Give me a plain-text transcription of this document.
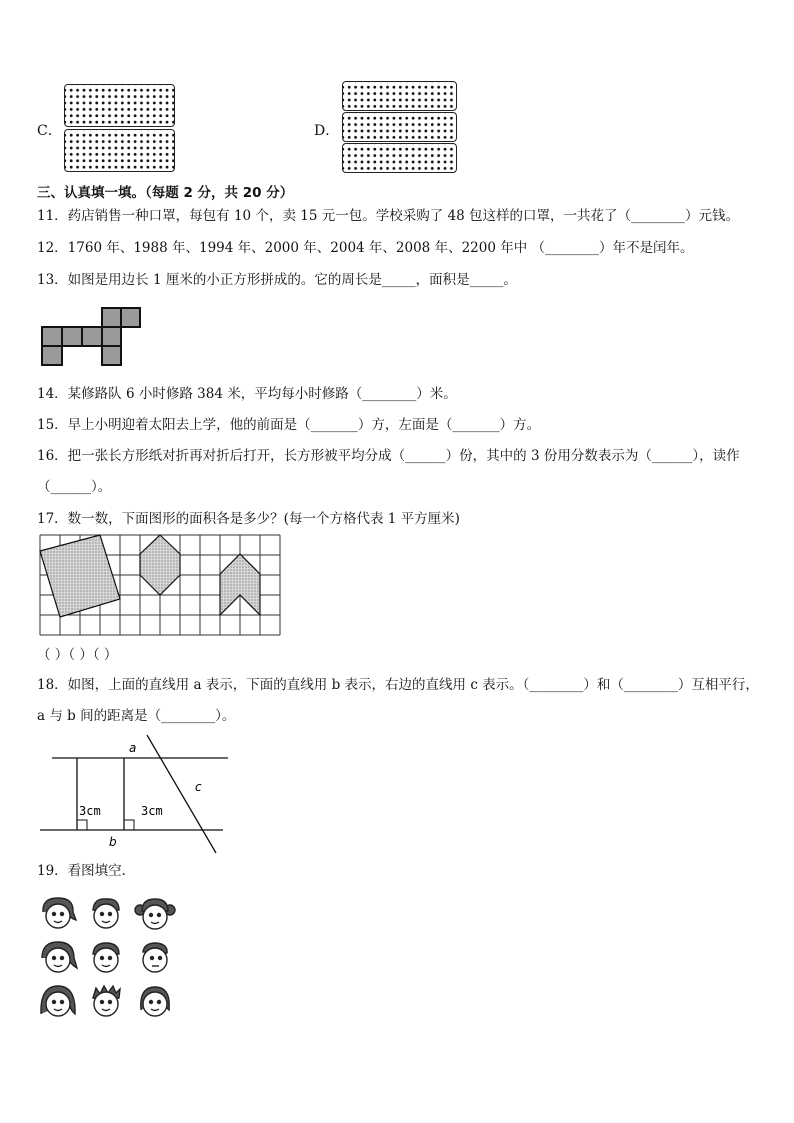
C．	D．
三、认真填一填。（每题 2 分，共 20 分）
11．药店销售一种口罩，每包有 10 个，卖 15 元一包。学校采购了 48 包这样的口罩，一共花了（________）元钱。
12．1760 年、1988 年、1994 年、2000 年、2004 年、2008 年、2200 年中 （________）年不是闰年。
13．如图是用边长 1 厘米的小正方形拼成的。它的周长是_____，面积是_____。
14．某修路队 6 小时修路 384 米，平均每小时修路（________）米。
15．早上小明迎着太阳去上学，他的前面是（_______）方，左面是（_______）方。
16．把一张长方形纸对折再对折后打开，长方形被平均分成（______）份，其中的 3 份用分数表示为（______），读作
（______）。
17．数一数，下面图形的面积各是多少？(每一个方格代表 1 平方厘米)
（ ）（ ）（ ）
18．如图，上面的直线用 a 表示，下面的直线用 b 表示，右边的直线用 c 表示。（________）和（________）互相平行，
a 与 b 间的距离是（________）。
a
b
c
3cm	3cm
19．看图填空．
